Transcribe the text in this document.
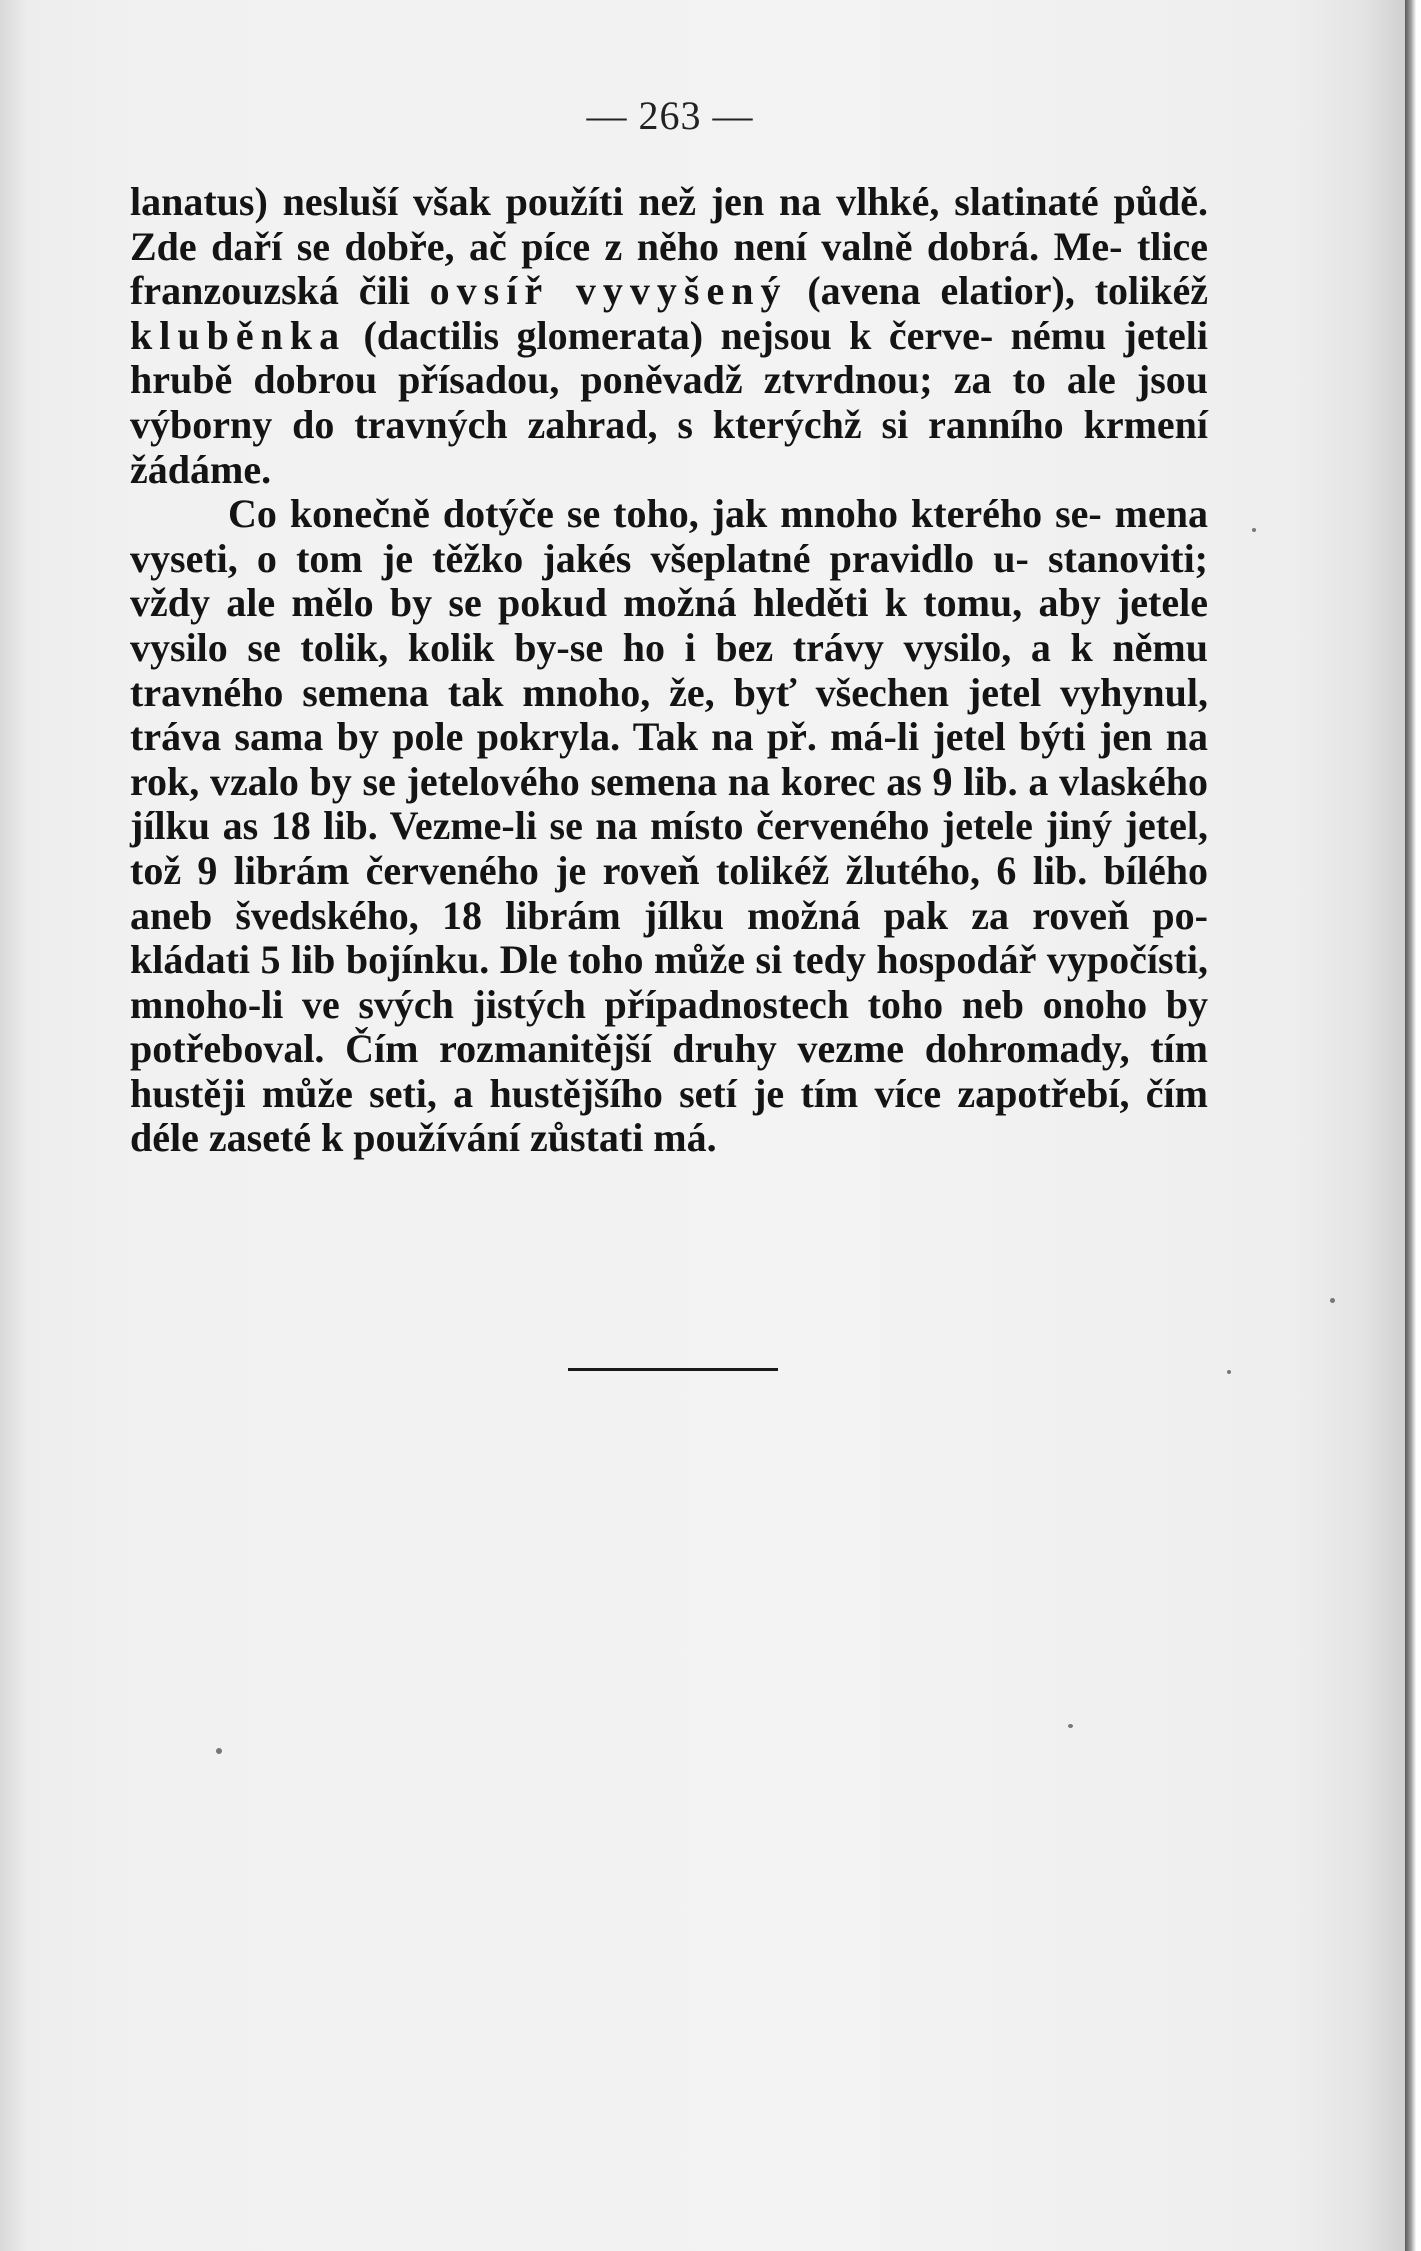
— 263 —

lanatus) nesluší však použíti než jen na vlhké, slatinaté půdě. Zde daří se dobře, ač píce z něho není valně dobrá. Me- tlice franzouzská čili ovsíř vyvyšený (avena elatior), tolikéž kluběnka (dactilis glomerata) nejsou k červe- nému jeteli hrubě dobrou přísadou, poněvadž ztvrdnou; za to ale jsou výborny do travných zahrad, s kterýchž si ranního krmení žádáme.

Co konečně dotýče se toho, jak mnoho kterého se- mena vyseti, o tom je těžko jakés všeplatné pravidlo u- stanoviti; vždy ale mělo by se pokud možná hleděti k tomu, aby jetele vysilo se tolik, kolik by-se ho i bez trávy vysilo, a k němu travného semena tak mnoho, že, byť všechen jetel vyhynul, tráva sama by pole pokryla. Tak na př. má-li jetel býti jen na rok, vzalo by se jetelového semena na korec as 9 lib. a vlaského jílku as 18 lib. Vezme-li se na místo červeného jetele jiný jetel, tož 9 librám červeného je roveň tolikéž žlutého, 6 lib. bílého aneb švedského, 18 librám jílku možná pak za roveň po- kládati 5 lib bojínku. Dle toho může si tedy hospodář vypočísti, mnoho-li ve svých jistých případnostech toho neb onoho by potřeboval. Čím rozmanitější druhy vezme dohromady, tím hustěji může seti, a hustějšího setí je tím více zapotřebí, čím déle zaseté k používání zůstati má.
